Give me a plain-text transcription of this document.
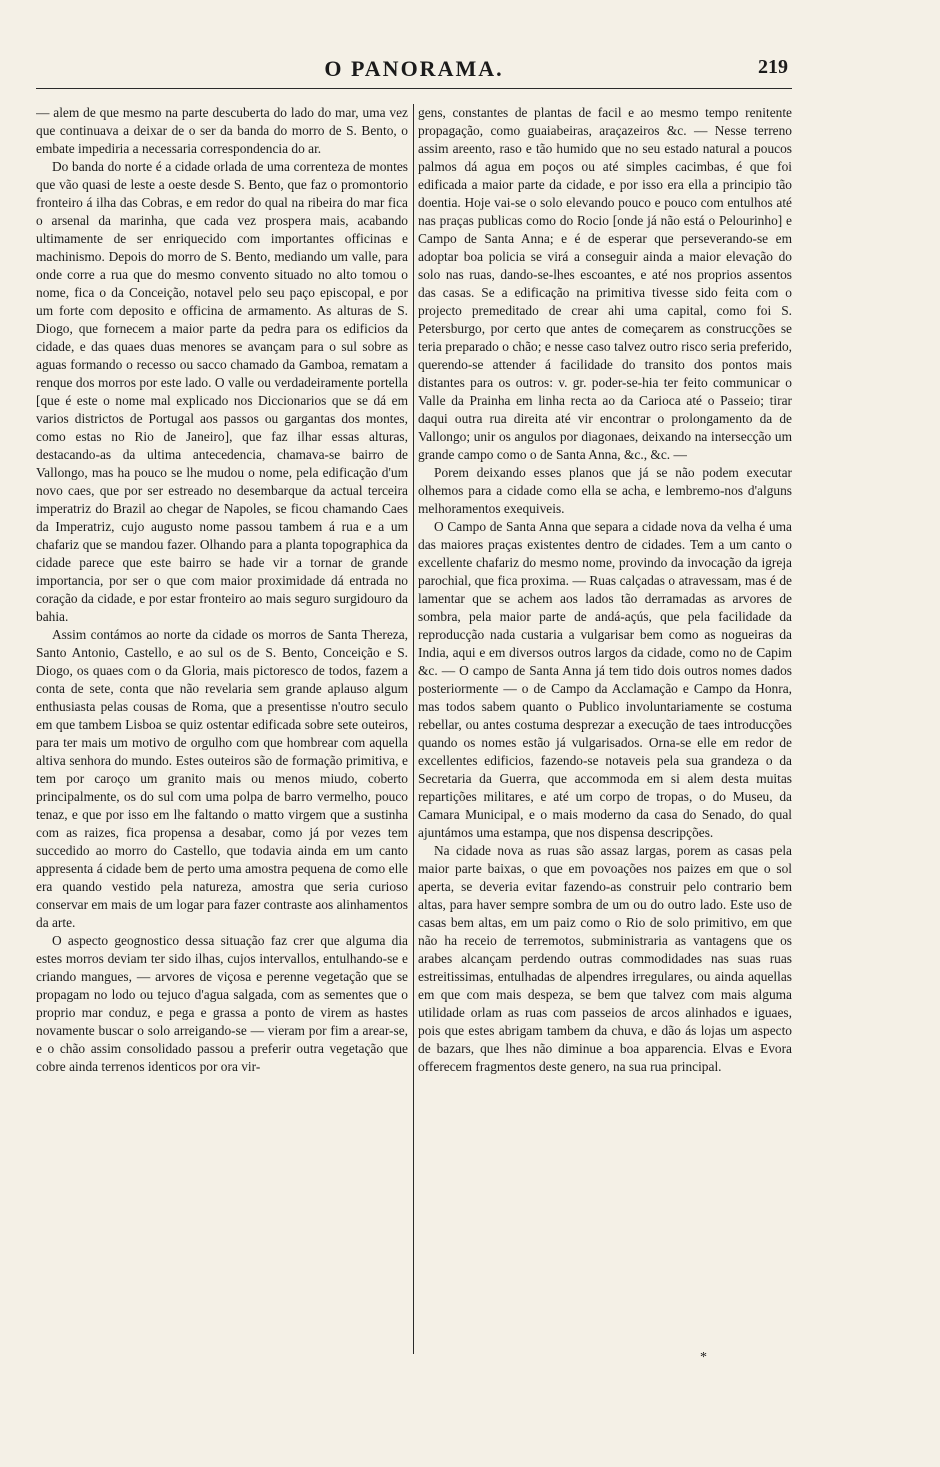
O PANORAMA.	219

— alem de que mesmo na parte descuberta do lado do mar, uma vez que continuava a deixar de o ser da banda do morro de S. Bento, o embate impediria a necessaria correspondencia do ar.

Do banda do norte é a cidade orlada de uma correnteza de montes que vão quasi de leste a oeste desde S. Bento, que faz o promontorio fronteiro á ilha das Cobras, e em redor do qual na ribeira do mar fica o arsenal da marinha, que cada vez prospera mais, acabando ultimamente de ser enriquecido com importantes officinas e machinismo. Depois do morro de S. Bento, mediando um valle, para onde corre a rua que do mesmo convento situado no alto tomou o nome, fica o da Conceição, notavel pelo seu paço episcopal, e por um forte com deposito e officina de armamento. As alturas de S. Diogo, que fornecem a maior parte da pedra para os edificios da cidade, e das quaes duas menores se avançam para o sul sobre as aguas formando o recesso ou sacco chamado da Gamboa, rematam a renque dos morros por este lado. O valle ou verdadeiramente portella [que é este o nome mal explicado nos Diccionarios que se dá em varios districtos de Portugal aos passos ou gargantas dos montes, como estas no Rio de Janeiro], que faz ilhar essas alturas, destacando-as da ultima antecedencia, chamava-se bairro de Vallongo, mas ha pouco se lhe mudou o nome, pela edificação d'um novo caes, que por ser estreado no desembarque da actual terceira imperatriz do Brazil ao chegar de Napoles, se ficou chamando Caes da Imperatriz, cujo augusto nome passou tambem á rua e a um chafariz que se mandou fazer. Olhando para a planta topographica da cidade parece que este bairro se hade vir a tornar de grande importancia, por ser o que com maior proximidade dá entrada no coração da cidade, e por estar fronteiro ao mais seguro surgidouro da bahia.

Assim contámos ao norte da cidade os morros de Santa Thereza, Santo Antonio, Castello, e ao sul os de S. Bento, Conceição e S. Diogo, os quaes com o da Gloria, mais pictoresco de todos, fazem a conta de sete, conta que não revelaria sem grande aplauso algum enthusiasta pelas cousas de Roma, que a presentisse n'outro seculo em que tambem Lisboa se quiz ostentar edificada sobre sete outeiros, para ter mais um motivo de orgulho com que hombrear com aquella altiva senhora do mundo. Estes outeiros são de formação primitiva, e tem por caroço um granito mais ou menos miudo, coberto principalmente, os do sul com uma polpa de barro vermelho, pouco tenaz, e que por isso em lhe faltando o matto virgem que a sustinha com as raizes, fica propensa a desabar, como já por vezes tem succedido ao morro do Castello, que todavia ainda em um canto appresenta á cidade bem de perto uma amostra pequena de como elle era quando vestido pela natureza, amostra que seria curioso conservar em mais de um logar para fazer contraste aos alinhamentos da arte.

O aspecto geognostico dessa situação faz crer que alguma dia estes morros deviam ter sido ilhas, cujos intervallos, entulhando-se e criando mangues, — arvores de viçosa e perenne vegetação que se propagam no lodo ou tejuco d'agua salgada, com as sementes que o proprio mar conduz, e pega e grassa a ponto de virem as hastes novamente buscar o solo arreigando-se — vieram por fim a arear-se, e o chão assim consolidado passou a preferir outra vegetação que cobre ainda terrenos identicos por ora vir-

gens, constantes de plantas de facil e ao mesmo tempo renitente propagação, como guaiabeiras, araçazeiros &c. — Nesse terreno assim areento, raso e tão humido que no seu estado natural a poucos palmos dá agua em poços ou até simples cacimbas, é que foi edificada a maior parte da cidade, e por isso era ella a principio tão doentia. Hoje vai-se o solo elevando pouco e pouco com entulhos até nas praças publicas como do Rocio [onde já não está o Pelourinho] e Campo de Santa Anna; e é de esperar que perseverando-se em adoptar boa policia se virá a conseguir ainda a maior elevação do solo nas ruas, dando-se-lhes escoantes, e até nos proprios assentos das casas. Se a edificação na primitiva tivesse sido feita com o projecto premeditado de crear ahi uma capital, como foi S. Petersburgo, por certo que antes de começarem as construcções se teria preparado o chão; e nesse caso talvez outro risco seria preferido, querendo-se attender á facilidade do transito dos pontos mais distantes para os outros: v. gr. poder-se-hia ter feito communicar o Valle da Prainha em linha recta ao da Carioca até o Passeio; tirar daqui outra rua direita até vir encontrar o prolongamento da de Vallongo; unir os angulos por diagonaes, deixando na intersecção um grande campo como o de Santa Anna, &c., &c. —

Porem deixando esses planos que já se não podem executar olhemos para a cidade como ella se acha, e lembremo-nos d'alguns melhoramentos exequiveis.

O Campo de Santa Anna que separa a cidade nova da velha é uma das maiores praças existentes dentro de cidades. Tem a um canto o excellente chafariz do mesmo nome, provindo da invocação da igreja parochial, que fica proxima. — Ruas calçadas o atravessam, mas é de lamentar que se achem aos lados tão derramadas as arvores de sombra, pela maior parte de andá-açús, que pela facilidade da reproducção nada custaria a vulgarisar bem como as nogueiras da India, aqui e em diversos outros largos da cidade, como no de Capim &c. — O campo de Santa Anna já tem tido dois outros nomes dados posteriormente — o de Campo da Acclamação e Campo da Honra, mas todos sabem quanto o Publico involuntariamente se costuma rebellar, ou antes costuma desprezar a execução de taes introducções quando os nomes estão já vulgarisados. Orna-se elle em redor de excellentes edificios, fazendo-se notaveis pela sua grandeza o da Secretaria da Guerra, que accommoda em si alem desta muitas repartições militares, e até um corpo de tropas, o do Museu, da Camara Municipal, e o mais moderno da casa do Senado, do qual ajuntámos uma estampa, que nos dispensa descripções.

Na cidade nova as ruas são assaz largas, porem as casas pela maior parte baixas, o que em povoações nos paizes em que o sol aperta, se deveria evitar fazendo-as construir pelo contrario bem altas, para haver sempre sombra de um ou do outro lado. Este uso de casas bem altas, em um paiz como o Rio de solo primitivo, em que não ha receio de terremotos, subministraria as vantagens que os arabes alcançam perdendo outras commodidades nas suas ruas estreitissimas, entulhadas de alpendres irregulares, ou ainda aquellas em que com mais despeza, se bem que talvez com mais alguma utilidade orlam as ruas com passeios de arcos alinhados e iguaes, pois que estes abrigam tambem da chuva, e dão ás lojas um aspecto de bazars, que lhes não diminue a boa apparencia. Elvas e Evora offerecem fragmentos deste genero, na sua rua principal.

*
